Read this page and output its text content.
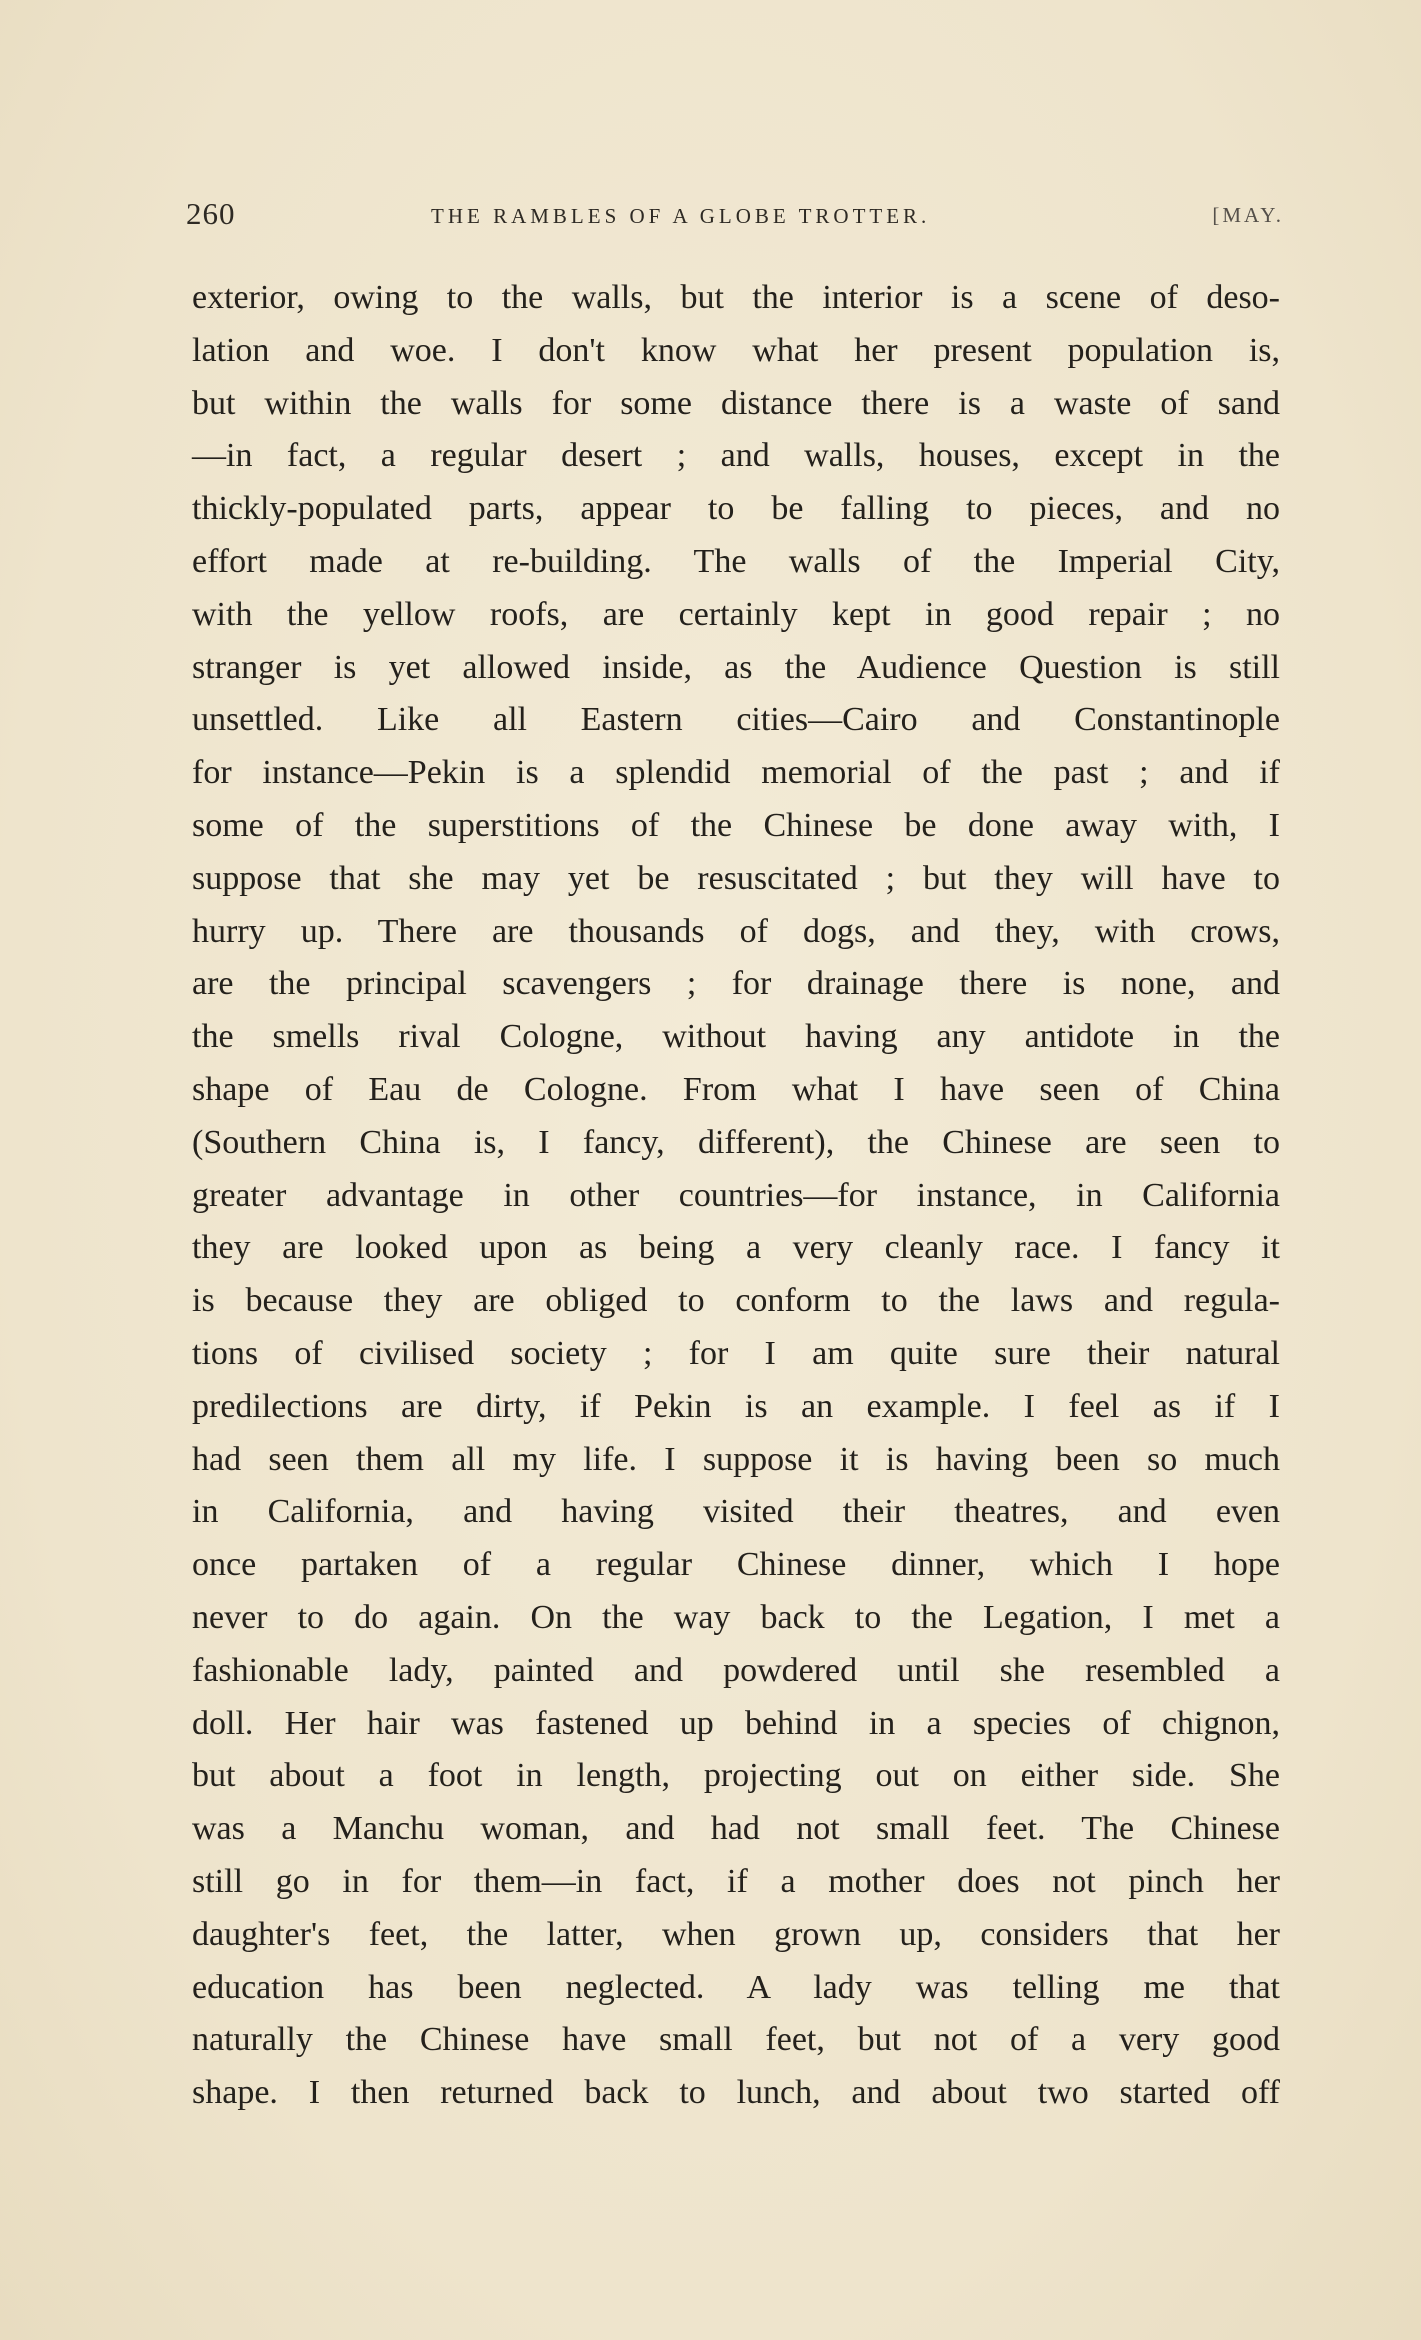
260	THE RAMBLES OF A GLOBE TROTTER.	[MAY.
exterior, owing to the walls, but the interior is a scene of deso-
lation and woe. I don't know what her present population is,
but within the walls for some distance there is a waste of sand
—in fact, a regular desert ; and walls, houses, except in the
thickly-populated parts, appear to be falling to pieces, and no
effort made at re-building. The walls of the Imperial City,
with the yellow roofs, are certainly kept in good repair ; no
stranger is yet allowed inside, as the Audience Question is still
unsettled. Like all Eastern cities—Cairo and Constantinople
for instance—Pekin is a splendid memorial of the past ; and if
some of the superstitions of the Chinese be done away with, I
suppose that she may yet be resuscitated ; but they will have to
hurry up. There are thousands of dogs, and they, with crows,
are the principal scavengers ; for drainage there is none, and
the smells rival Cologne, without having any antidote in the
shape of Eau de Cologne. From what I have seen of China
(Southern China is, I fancy, different), the Chinese are seen to
greater advantage in other countries—for instance, in California
they are looked upon as being a very cleanly race. I fancy it
is because they are obliged to conform to the laws and regula-
tions of civilised society ; for I am quite sure their natural
predilections are dirty, if Pekin is an example. I feel as if I
had seen them all my life. I suppose it is having been so much
in California, and having visited their theatres, and even
once partaken of a regular Chinese dinner, which I hope
never to do again. On the way back to the Legation, I met a
fashionable lady, painted and powdered until she resembled a
doll. Her hair was fastened up behind in a species of chignon,
but about a foot in length, projecting out on either side. She
was a Manchu woman, and had not small feet. The Chinese
still go in for them—in fact, if a mother does not pinch her
daughter's feet, the latter, when grown up, considers that her
education has been neglected. A lady was telling me that
naturally the Chinese have small feet, but not of a very good
shape. I then returned back to lunch, and about two started off
